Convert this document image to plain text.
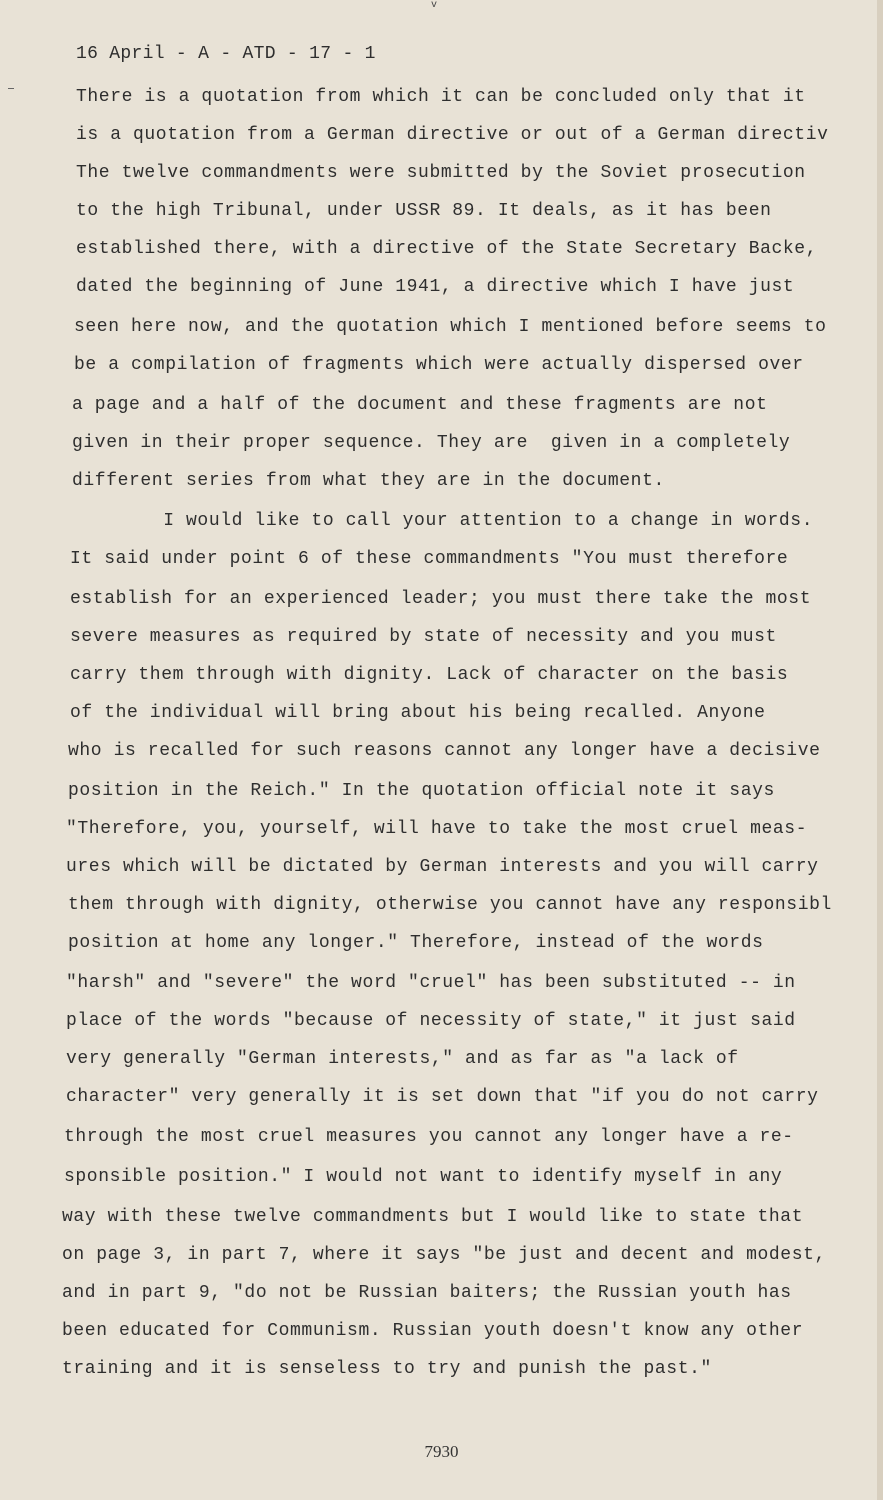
v
16 April - A - ATD - 17 - 1
There is a quotation from which it can be concluded only that it
is a quotation from a German directive or out of a German directiv
The twelve commandments were submitted by the Soviet prosecution
to the high Tribunal, under USSR 89. It deals, as it has been
established there, with a directive of the State Secretary Backe,
dated the beginning of June 1941, a directive which I have just
seen here now, and the quotation which I mentioned before seems to
be a compilation of fragments which were actually dispersed over
a page and a half of the document and these fragments are not
given in their proper sequence. They are  given in a completely
different series from what they are in the document.
I would like to call your attention to a change in words.
It said under point 6 of these commandments "You must therefore
establish for an experienced leader; you must there take the most
severe measures as required by state of necessity and you must
carry them through with dignity. Lack of character on the basis
of the individual will bring about his being recalled. Anyone
who is recalled for such reasons cannot any longer have a decisive
position in the Reich." In the quotation official note it says
"Therefore, you, yourself, will have to take the most cruel meas-
ures which will be dictated by German interests and you will carry
them through with dignity, otherwise you cannot have any responsibl
position at home any longer." Therefore, instead of the words
"harsh" and "severe" the word "cruel" has been substituted -- in
place of the words "because of necessity of state," it just said
very generally "German interests," and as far as "a lack of
character" very generally it is set down that "if you do not carry
through the most cruel measures you cannot any longer have a re-
sponsible position." I would not want to identify myself in any
way with these twelve commandments but I would like to state that
on page 3, in part 7, where it says "be just and decent and modest,
and in part 9, "do not be Russian baiters; the Russian youth has
been educated for Communism. Russian youth doesn't know any other
training and it is senseless to try and punish the past."
7930
